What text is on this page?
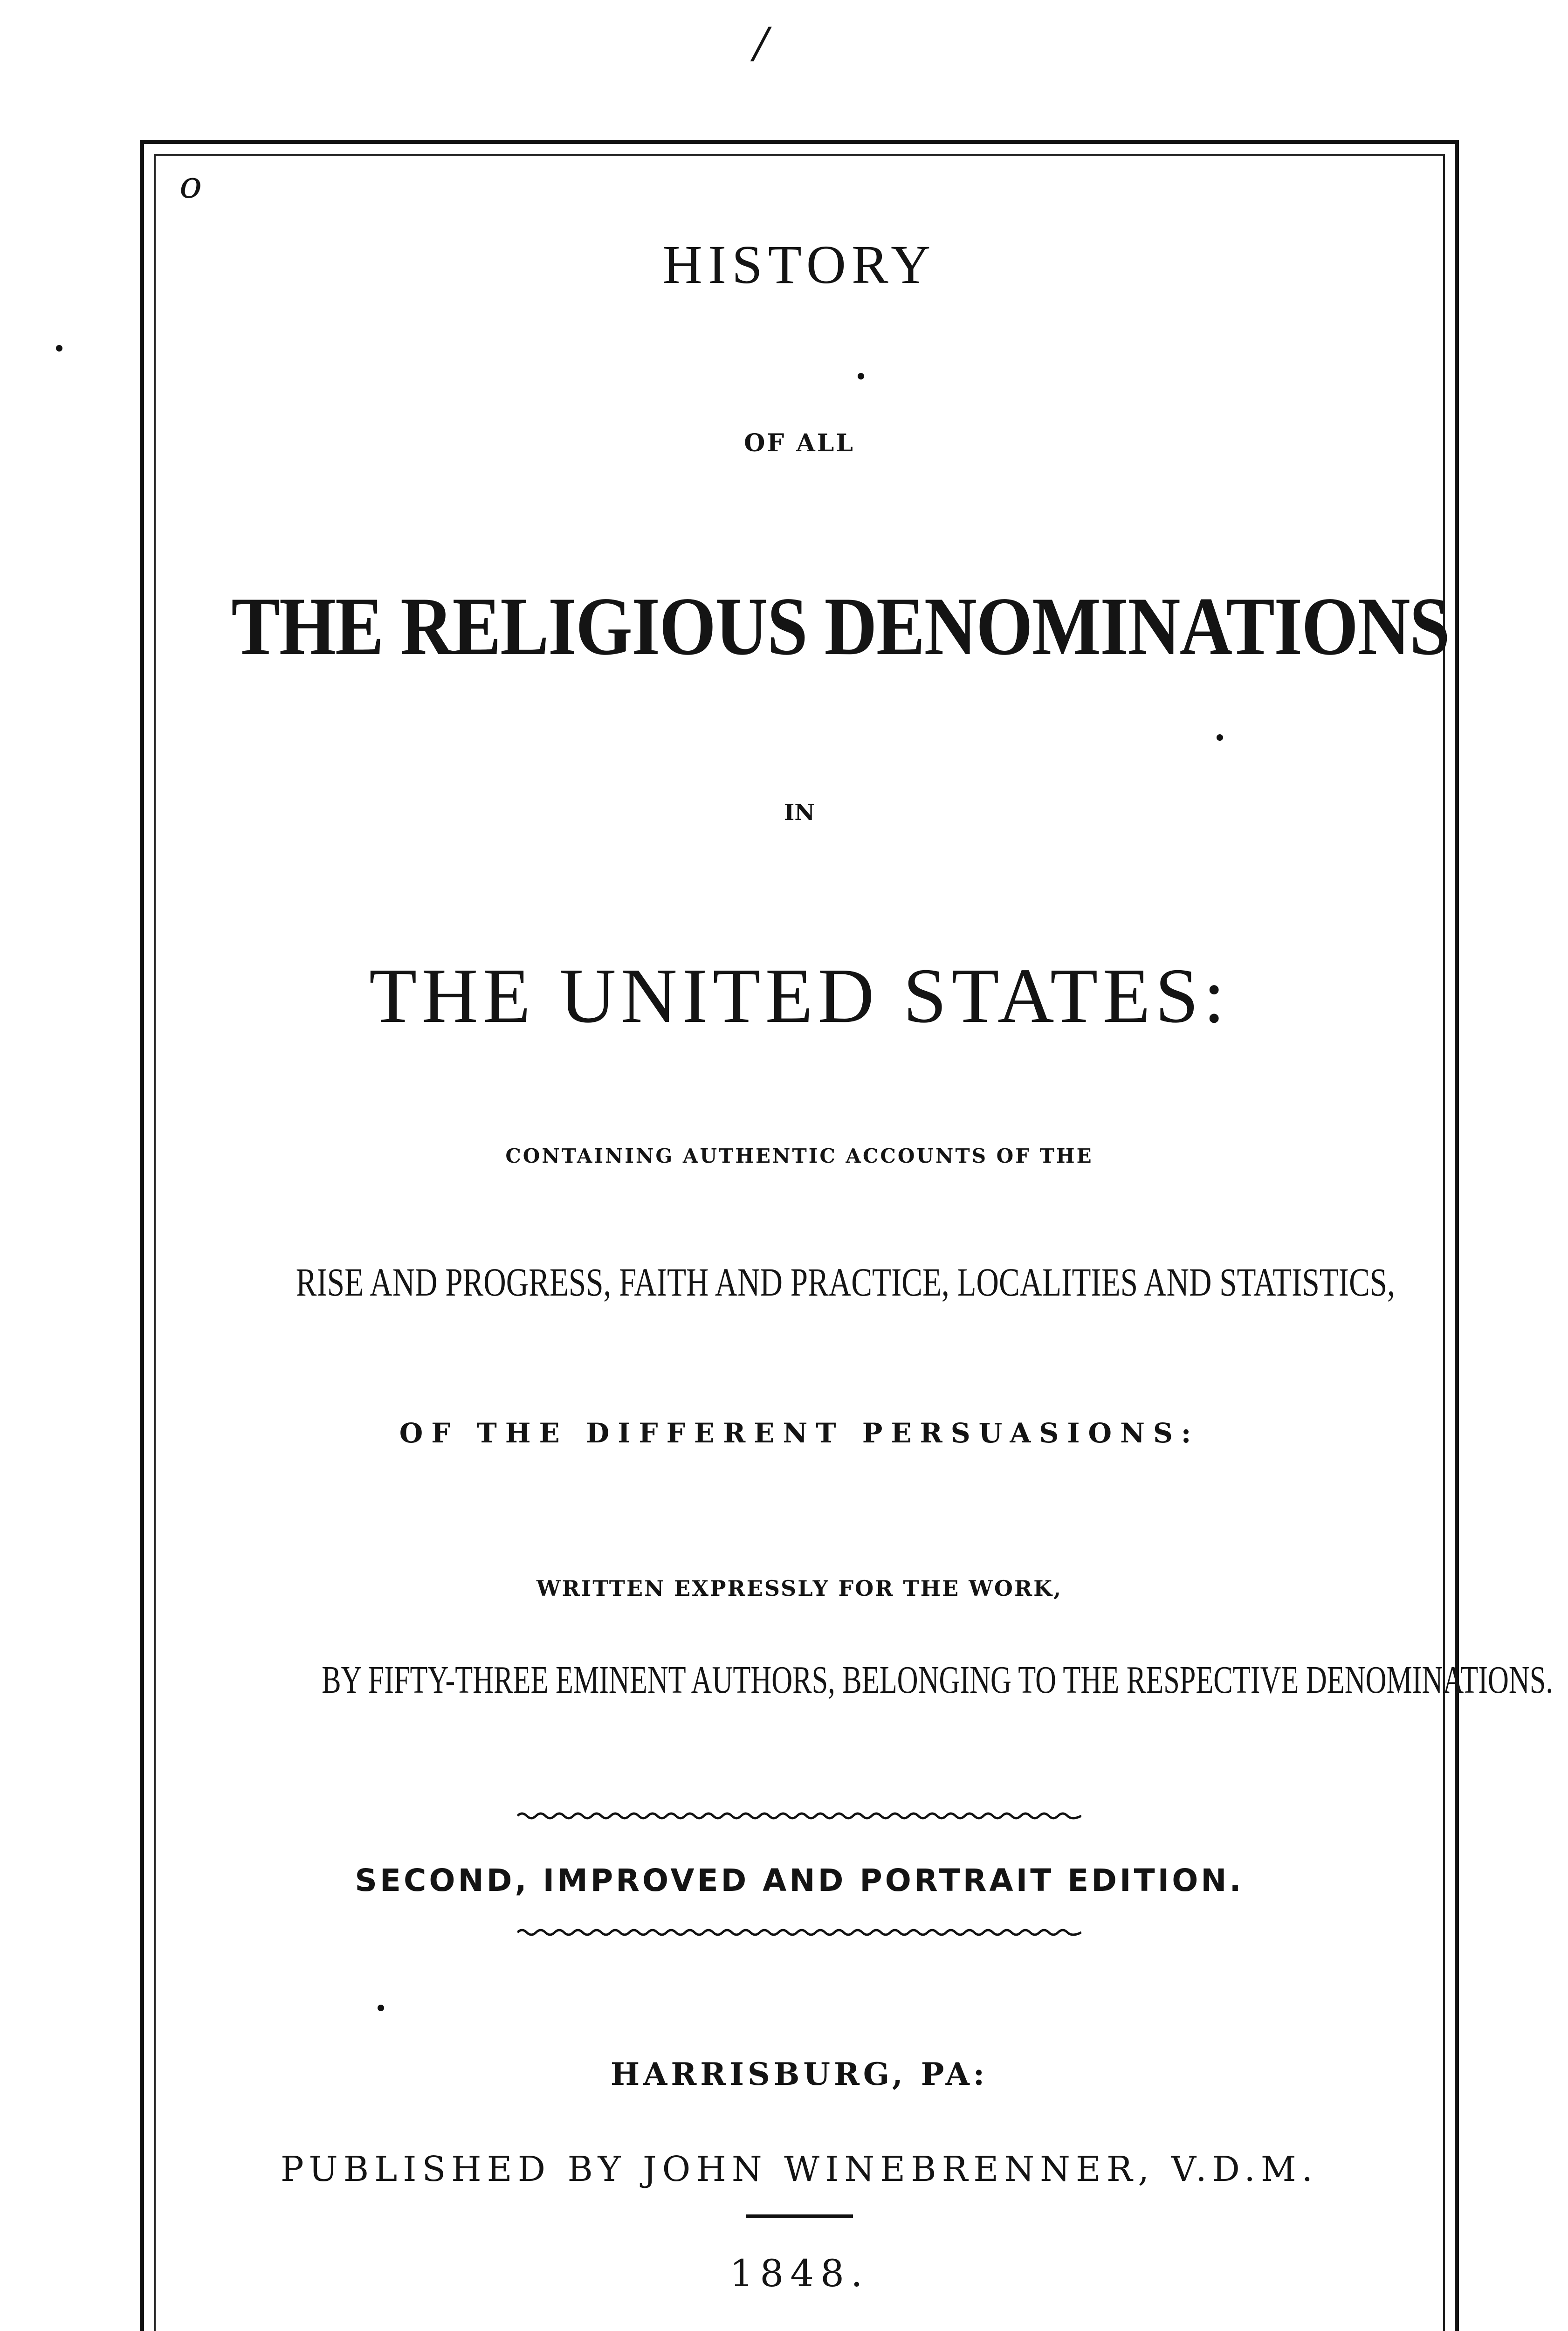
/
o
HISTORY
OF ALL
THE RELIGIOUS DENOMINATIONS
IN
THE UNITED STATES:
CONTAINING AUTHENTIC ACCOUNTS OF THE
RISE AND PROGRESS, FAITH AND PRACTICE, LOCALITIES AND STATISTICS,
OF THE DIFFERENT PERSUASIONS:
WRITTEN EXPRESSLY FOR THE WORK,
BY FIFTY-THREE EMINENT AUTHORS, BELONGING TO THE RESPECTIVE DENOMINATIONS.
SECOND, IMPROVED AND PORTRAIT EDITION.
HARRISBURG, PA:
PUBLISHED BY JOHN WINEBRENNER, V.D.M.
1848.
